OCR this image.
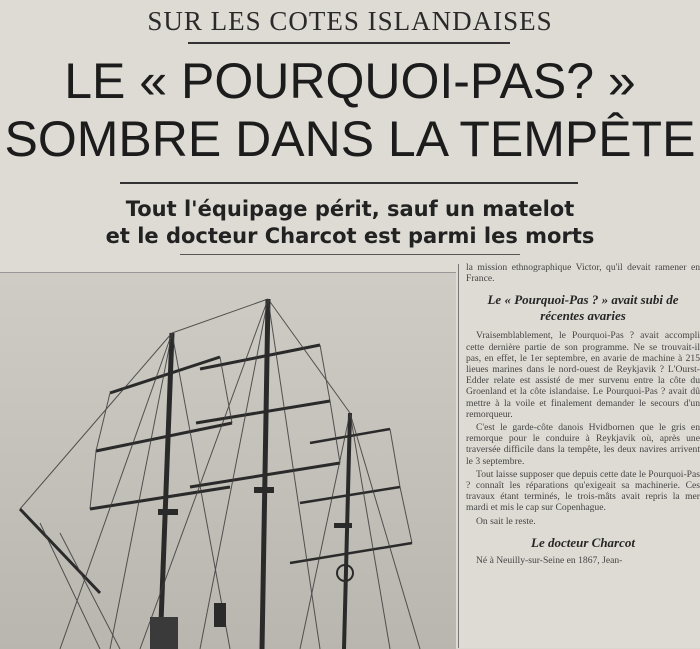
SUR LES COTES ISLANDAISES
LE « POURQUOI-PAS? »
SOMBRE DANS LA TEMPÊTE
Tout l'équipage périt, sauf un matelot
et le docteur Charcot est parmi les morts

la mission ethnographique Victor, qu'il devait ramener en France.

Le « Pourquoi-Pas ? » avait subi de récentes avaries

Vraisemblablement, le Pourquoi-Pas ? avait accompli cette dernière partie de son programme. Ne se trouvait-il pas, en effet, le 1er septembre, en avarie de machine à 215 lieues marines dans le nord-ouest de Reykjavik ? L'Ourst-Edder relate est assisté de mer survenu entre la côte du Groenland et la côte islandaise. Le Pourquoi-Pas ? avait dû mettre à la voile et finalement demander le secours d'un remorqueur.

C'est le garde-côte danois Hvidbornen que le gris en remorque pour le conduire à Reykjavik où, après une traversée difficile dans la tempête, les deux navires arrivent le 3 septembre.

Tout laisse supposer que depuis cette date le Pourquoi-Pas ? connaît les réparations qu'exigeait sa machinerie. Ces travaux étant terminés, le trois-mâts avait repris la mer mardi et mis le cap sur Copenhague.

On sait le reste.

Le docteur Charcot

Né à Neuilly-sur-Seine en 1867, Jean-
